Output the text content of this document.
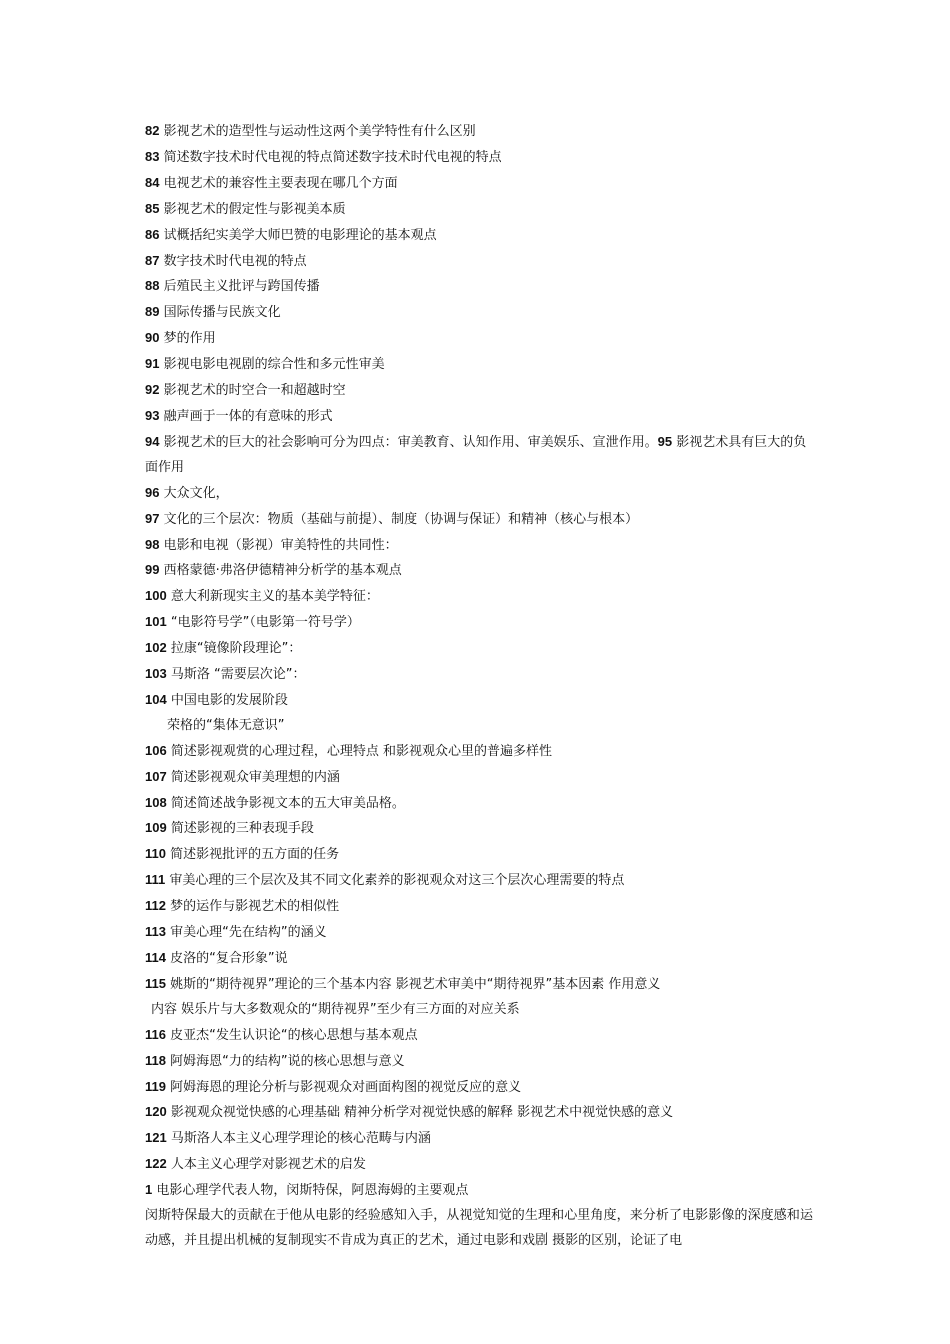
82 影视艺术的造型性与运动性这两个美学特性有什么区别
83 简述数字技术时代电视的特点简述数字技术时代电视的特点
84 电视艺术的兼容性主要表现在哪几个方面
85 影视艺术的假定性与影视美本质
86 试概括纪实美学大师巴赞的电影理论的基本观点
87 数字技术时代电视的特点
88 后殖民主义批评与跨国传播
89 国际传播与民族文化
90 梦的作用
91 影视电影电视剧的综合性和多元性审美
92 影视艺术的时空合一和超越时空
93 融声画于一体的有意味的形式
94 影视艺术的巨大的社会影响可分为四点：审美教育、认知作用、审美娱乐、宣泄作用。95 影视艺术具有巨大的负面作用
96 大众文化，
97 文化的三个层次：物质（基础与前提）、制度（协调与保证）和精神（核心与根本）
98 电影和电视（影视）审美特性的共同性：
99 西格蒙德·弗洛伊德精神分析学的基本观点
100 意大利新现实主义的基本美学特征：
101 “电影符号学”（电影第一符号学）
102 拉康“镜像阶段理论”：
103 马斯洛 “需要层次论”：
104 中国电影的发展阶段
荣格的“集体无意识”
106 简述影视观赏的心理过程，心理特点 和影视观众心里的普遍多样性
107 简述影视观众审美理想的内涵
108 简述简述战争影视文本的五大审美品格。
109 简述影视的三种表现手段
110 简述影视批评的五方面的任务
111 审美心理的三个层次及其不同文化素养的影视观众对这三个层次心理需要的特点
112 梦的运作与影视艺术的相似性
113 审美心理“先在结构”的涵义
114 皮洛的“复合形象”说
115 姚斯的“期待视界”理论的三个基本内容 影视艺术审美中“期待视界”基本因素 作用意义
内容 娱乐片与大多数观众的“期待视界”至少有三方面的对应关系
116 皮亚杰“发生认识论“的核心思想与基本观点
118 阿姆海恩“力的结构”说的核心思想与意义
119 阿姆海恩的理论分析与影视观众对画面构图的视觉反应的意义
120 影视观众视觉快感的心理基础 精神分析学对视觉快感的解释 影视艺术中视觉快感的意义
121 马斯洛人本主义心理学理论的核心范畴与内涵
122 人本主义心理学对影视艺术的启发
1 电影心理学代表人物，闵斯特保，阿恩海姆的主要观点
闵斯特保最大的贡献在于他从电影的经验感知入手，从视觉知觉的生理和心里角度，来分析了电影影像的深度感和运动感，并且提出机械的复制现实不肯成为真正的艺术，通过电影和戏剧 摄影的区别，论证了电
